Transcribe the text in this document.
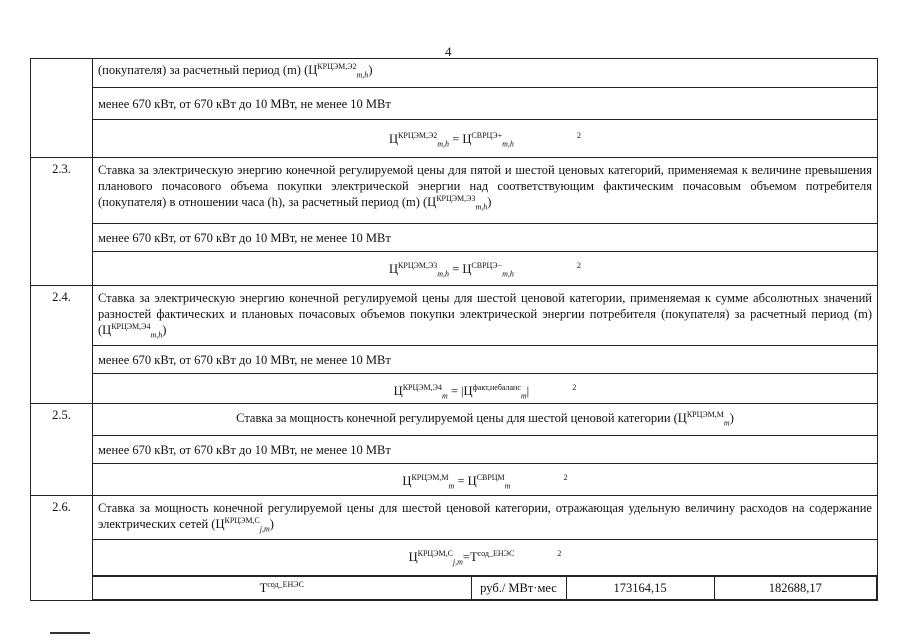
4
	(покупателя) за расчетный период (m) $(Ц^{КРЦЭМ,Э2}_{m,h})$
менее 670 кВт, от 670 кВт до 10 МВт, не менее 10 МВт
$Ц^{КРЦЭМ,Э2}_{m,h} = Ц^{СВРЦЭ+}_{m,h}$ $^2$
2.3.	Ставка за электрическую энергию конечной регулируемой цены для пятой и шестой ценовых категорий, применяемая к величине превышения планового почасового объема покупки электрической энергии над соответствующим фактическим почасовым объемом потребителя (покупателя) в отношении часа (h), за расчетный период (m) $(Ц^{КРЦЭМ,Э3}_{m,h})$
менее 670 кВт, от 670 кВт до 10 МВт, не менее 10 МВт
$Ц^{КРЦЭМ,Э3}_{m,h} = Ц^{СВРЦЭ-}_{m,h}$ $^2$
2.4.	Ставка за электрическую энергию конечной регулируемой цены для шестой ценовой категории, применяемая к сумме абсолютных значений разностей фактических и плановых почасовых объемов покупки электрической энергии потребителя (покупателя) за расчетный период (m) $(Ц^{КРЦЭМ,Э4}_{m,h})$
менее 670 кВт, от 670 кВт до 10 МВт, не менее 10 МВт
$Ц^{КРЦЭМ,Э4}_m = |Ц^{факт,небаланс}_m|$	$^2$
2.5.	Ставка за мощность конечной регулируемой цены для шестой ценовой категории $(Ц^{КРЦЭМ,М}_m)$
менее 670 кВт, от 670 кВт до 10 МВт, не менее 10 МВт
$Ц^{КРЦЭМ,М}_m = Ц^{СВРЦМ}_m$ $^2$
2.6.	Ставка за мощность конечной регулируемой цены для шестой ценовой категории, отражающая удельную величину расходов на содержание электрических сетей $(Ц^{КРЦЭМ,С}_{j,m})$
$Ц^{КРЦЭМ,С}_{j,m}=Т^{сод\_ЕНЭС}$	$^2$

$Т^{сод\_ЕНЭС}$	руб./ МВт·мес	173164,15	182688,17
